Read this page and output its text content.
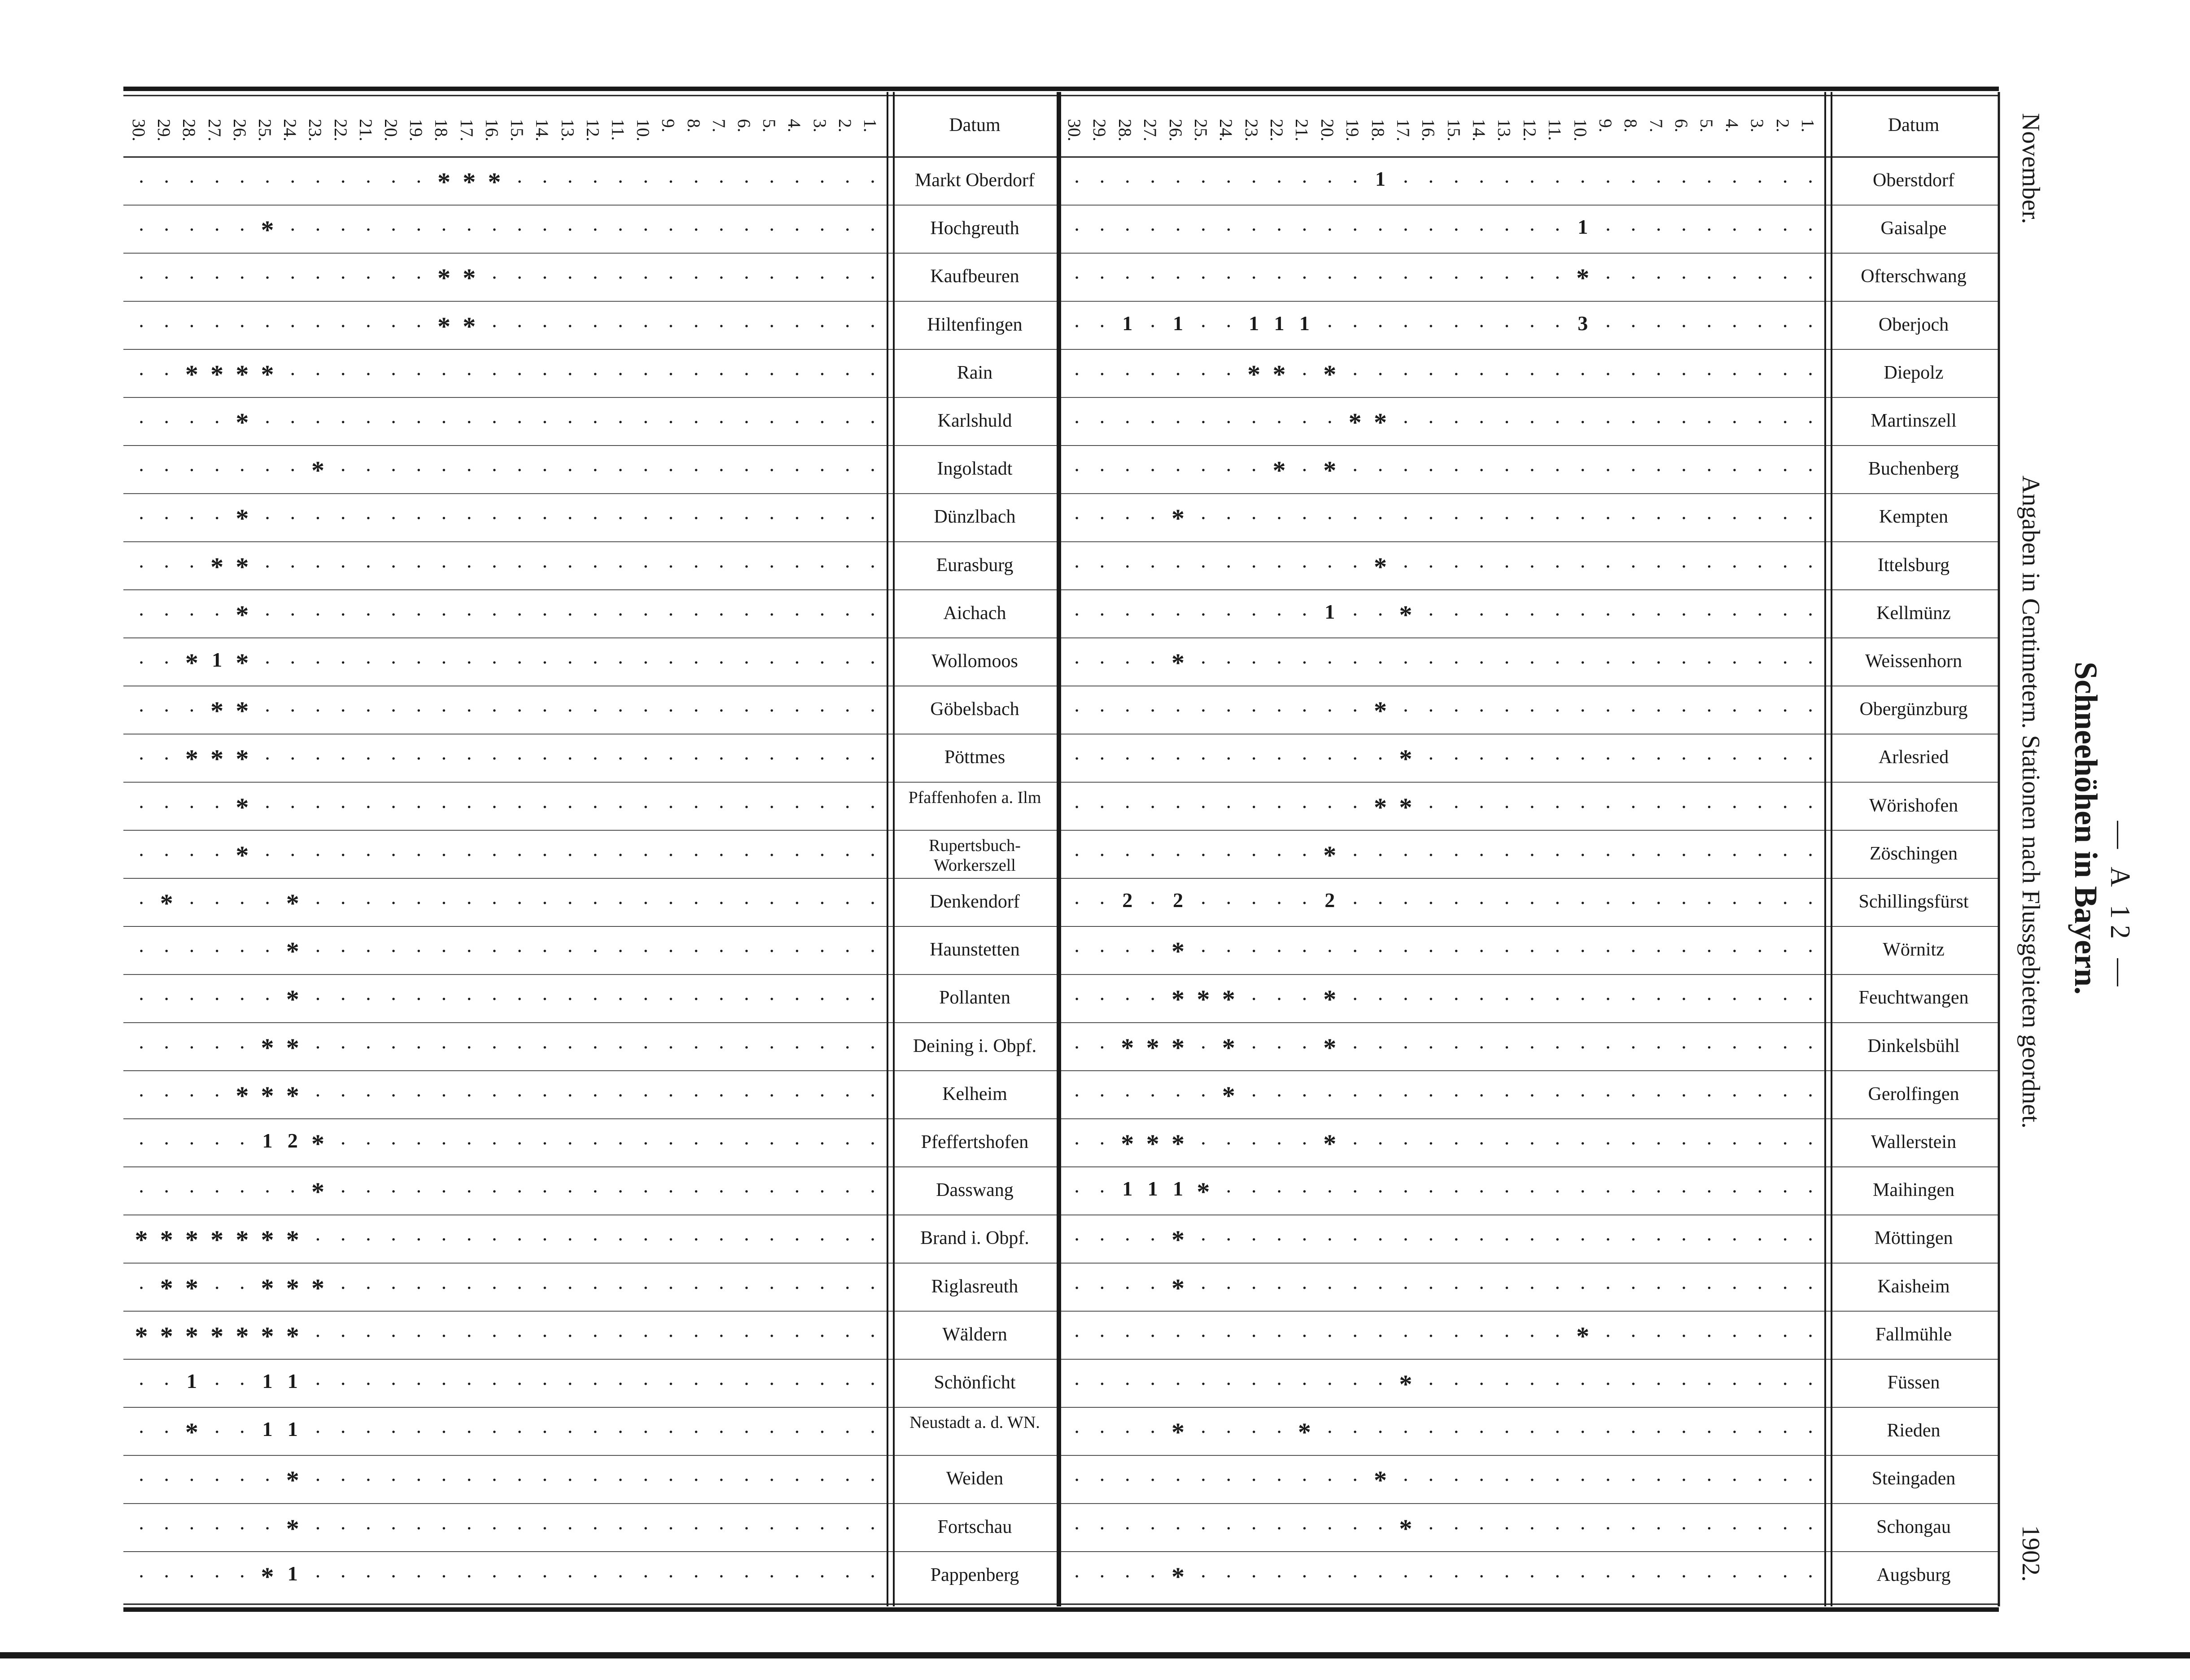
— A 12 —
Schneehöhen in Bayern.
Angaben in Centimetern. Stationen nach Flussgebieten geordnet.
November.
1902.
Datum
1.
2.
3.
4.
5.
6.
7.
8.
9.
10.
11.
12.
13.
14.
15.
16.
17.
18.
19.
20.
21.
22.
23.
24.
25.
26.
27.
28.
29.
30.
Markt Oberdorf
·
·
·
·
·
·
·
·
·
·
·
·
·
·
·
*
*
*
·
·
·
·
·
·
·
·
·
·
·
·
Hochgreuth
·
·
·
·
·
·
·
·
·
·
·
·
·
·
·
·
·
·
·
·
·
·
·
·
*
·
·
·
·
·
Kaufbeuren
·
·
·
·
·
·
·
·
·
·
·
·
·
·
·
·
*
*
·
·
·
·
·
·
·
·
·
·
·
·
Hiltenfingen
·
·
·
·
·
·
·
·
·
·
·
·
·
·
·
·
*
*
·
·
·
·
·
·
·
·
·
·
·
·
Rain
·
·
·
·
·
·
·
·
·
·
·
·
·
·
·
·
·
·
·
·
·
·
·
·
*
*
*
*
·
·
Karlshuld
·
·
·
·
·
·
·
·
·
·
·
·
·
·
·
·
·
·
·
·
·
·
·
·
·
*
·
·
·
·
Ingolstadt
·
·
·
·
·
·
·
·
·
·
·
·
·
·
·
·
·
·
·
·
·
·
*
·
·
·
·
·
·
·
Dünzlbach
·
·
·
·
·
·
·
·
·
·
·
·
·
·
·
·
·
·
·
·
·
·
·
·
·
*
·
·
·
·
Eurasburg
·
·
·
·
·
·
·
·
·
·
·
·
·
·
·
·
·
·
·
·
·
·
·
·
·
*
*
·
·
·
Aichach
·
·
·
·
·
·
·
·
·
·
·
·
·
·
·
·
·
·
·
·
·
·
·
·
·
*
·
·
·
·
Wollomoos
·
·
·
·
·
·
·
·
·
·
·
·
·
·
·
·
·
·
·
·
·
·
·
·
·
*
1
*
·
·
Göbelsbach
·
·
·
·
·
·
·
·
·
·
·
·
·
·
·
·
·
·
·
·
·
·
·
·
·
*
*
·
·
·
Pöttmes
·
·
·
·
·
·
·
·
·
·
·
·
·
·
·
·
·
·
·
·
·
·
·
·
·
*
*
*
·
·
Pfaffenhofen a. Ilm
·
·
·
·
·
·
·
·
·
·
·
·
·
·
·
·
·
·
·
·
·
·
·
·
·
*
·
·
·
·
Rupertsbuch-Workerszell
·
·
·
·
·
·
·
·
·
·
·
·
·
·
·
·
·
·
·
·
·
·
·
·
·
*
·
·
·
·
Denkendorf
·
·
·
·
·
·
·
·
·
·
·
·
·
·
·
·
·
·
·
·
·
·
·
*
·
·
·
·
*
·
Haunstetten
·
·
·
·
·
·
·
·
·
·
·
·
·
·
·
·
·
·
·
·
·
·
·
*
·
·
·
·
·
·
Pollanten
·
·
·
·
·
·
·
·
·
·
·
·
·
·
·
·
·
·
·
·
·
·
·
*
·
·
·
·
·
·
Deining i. Obpf.
·
·
·
·
·
·
·
·
·
·
·
·
·
·
·
·
·
·
·
·
·
·
·
*
*
·
·
·
·
·
Kelheim
·
·
·
·
·
·
·
·
·
·
·
·
·
·
·
·
·
·
·
·
·
·
·
*
*
*
·
·
·
·
Pfeffertshofen
·
·
·
·
·
·
·
·
·
·
·
·
·
·
·
·
·
·
·
·
·
·
*
2
1
·
·
·
·
·
Dasswang
·
·
·
·
·
·
·
·
·
·
·
·
·
·
·
·
·
·
·
·
·
·
*
·
·
·
·
·
·
·
Brand i. Obpf.
·
·
·
·
·
·
·
·
·
·
·
·
·
·
·
·
·
·
·
·
·
·
·
*
*
*
*
*
*
*
Riglasreuth
·
·
·
·
·
·
·
·
·
·
·
·
·
·
·
·
·
·
·
·
·
·
*
*
*
·
·
*
*
·
Wäldern
·
·
·
·
·
·
·
·
·
·
·
·
·
·
·
·
·
·
·
·
·
·
·
*
*
*
*
*
*
*
Schönficht
·
·
·
·
·
·
·
·
·
·
·
·
·
·
·
·
·
·
·
·
·
·
·
1
1
·
·
1
·
·
Neustadt a. d. WN.
·
·
·
·
·
·
·
·
·
·
·
·
·
·
·
·
·
·
·
·
·
·
·
1
1
·
·
*
·
·
Weiden
·
·
·
·
·
·
·
·
·
·
·
·
·
·
·
·
·
·
·
·
·
·
·
*
·
·
·
·
·
·
Fortschau
·
·
·
·
·
·
·
·
·
·
·
·
·
·
·
·
·
·
·
·
·
·
·
*
·
·
·
·
·
·
Pappenberg
·
·
·
·
·
·
·
·
·
·
·
·
·
·
·
·
·
·
·
·
·
·
·
1
*
·
·
·
·
·
Datum
1.
2.
3.
4.
5.
6.
7.
8.
9.
10.
11.
12.
13.
14.
15.
16.
17.
18.
19.
20.
21.
22.
23.
24.
25.
26.
27.
28.
29.
30.
Oberstdorf
·
·
·
·
·
·
·
·
·
·
·
·
·
·
·
·
·
1
·
·
·
·
·
·
·
·
·
·
·
·
Gaisalpe
·
·
·
·
·
·
·
·
·
1
·
·
·
·
·
·
·
·
·
·
·
·
·
·
·
·
·
·
·
·
Ofterschwang
·
·
·
·
·
·
·
·
·
*
·
·
·
·
·
·
·
·
·
·
·
·
·
·
·
·
·
·
·
·
Oberjoch
·
·
·
·
·
·
·
·
·
3
·
·
·
·
·
·
·
·
·
·
1
1
1
·
·
1
·
1
·
·
Diepolz
·
·
·
·
·
·
·
·
·
·
·
·
·
·
·
·
·
·
·
*
·
*
*
·
·
·
·
·
·
·
Martinszell
·
·
·
·
·
·
·
·
·
·
·
·
·
·
·
·
·
*
*
·
·
·
·
·
·
·
·
·
·
·
Buchenberg
·
·
·
·
·
·
·
·
·
·
·
·
·
·
·
·
·
·
·
*
·
*
·
·
·
·
·
·
·
·
Kempten
·
·
·
·
·
·
·
·
·
·
·
·
·
·
·
·
·
·
·
·
·
·
·
·
·
*
·
·
·
·
Ittelsburg
·
·
·
·
·
·
·
·
·
·
·
·
·
·
·
·
·
*
·
·
·
·
·
·
·
·
·
·
·
·
Kellmünz
·
·
·
·
·
·
·
·
·
·
·
·
·
·
·
·
*
·
·
1
·
·
·
·
·
·
·
·
·
·
Weissenhorn
·
·
·
·
·
·
·
·
·
·
·
·
·
·
·
·
·
·
·
·
·
·
·
·
·
*
·
·
·
·
Obergünzburg
·
·
·
·
·
·
·
·
·
·
·
·
·
·
·
·
·
*
·
·
·
·
·
·
·
·
·
·
·
·
Arlesried
·
·
·
·
·
·
·
·
·
·
·
·
·
·
·
·
*
·
·
·
·
·
·
·
·
·
·
·
·
·
Wörishofen
·
·
·
·
·
·
·
·
·
·
·
·
·
·
·
·
*
*
·
·
·
·
·
·
·
·
·
·
·
·
Zöschingen
·
·
·
·
·
·
·
·
·
·
·
·
·
·
·
·
·
·
·
*
·
·
·
·
·
·
·
·
·
·
Schillingsfürst
·
·
·
·
·
·
·
·
·
·
·
·
·
·
·
·
·
·
·
2
·
·
·
·
·
2
·
2
·
·
Wörnitz
·
·
·
·
·
·
·
·
·
·
·
·
·
·
·
·
·
·
·
·
·
·
·
·
·
*
·
·
·
·
Feuchtwangen
·
·
·
·
·
·
·
·
·
·
·
·
·
·
·
·
·
·
·
*
·
·
·
*
*
*
·
·
·
·
Dinkelsbühl
·
·
·
·
·
·
·
·
·
·
·
·
·
·
·
·
·
·
·
*
·
·
·
*
·
*
*
*
·
·
Gerolfingen
·
·
·
·
·
·
·
·
·
·
·
·
·
·
·
·
·
·
·
·
·
·
·
*
·
·
·
·
·
·
Wallerstein
·
·
·
·
·
·
·
·
·
·
·
·
·
·
·
·
·
·
·
*
·
·
·
·
·
*
*
*
·
·
Maihingen
·
·
·
·
·
·
·
·
·
·
·
·
·
·
·
·
·
·
·
·
·
·
·
·
*
1
1
1
·
·
Möttingen
·
·
·
·
·
·
·
·
·
·
·
·
·
·
·
·
·
·
·
·
·
·
·
·
·
*
·
·
·
·
Kaisheim
·
·
·
·
·
·
·
·
·
·
·
·
·
·
·
·
·
·
·
·
·
·
·
·
·
*
·
·
·
·
Fallmühle
·
·
·
·
·
·
·
·
·
*
·
·
·
·
·
·
·
·
·
·
·
·
·
·
·
·
·
·
·
·
Füssen
·
·
·
·
·
·
·
·
·
·
·
·
·
·
·
·
*
·
·
·
·
·
·
·
·
·
·
·
·
·
Rieden
·
·
·
·
·
·
·
·
·
·
·
·
·
·
·
·
·
·
·
·
*
·
·
·
·
*
·
·
·
·
Steingaden
·
·
·
·
·
·
·
·
·
·
·
·
·
·
·
·
·
*
·
·
·
·
·
·
·
·
·
·
·
·
Schongau
·
·
·
·
·
·
·
·
·
·
·
·
·
·
·
·
*
·
·
·
·
·
·
·
·
·
·
·
·
·
Augsburg
·
·
·
·
·
·
·
·
·
·
·
·
·
·
·
·
·
·
·
·
·
·
·
·
·
*
·
·
·
·
